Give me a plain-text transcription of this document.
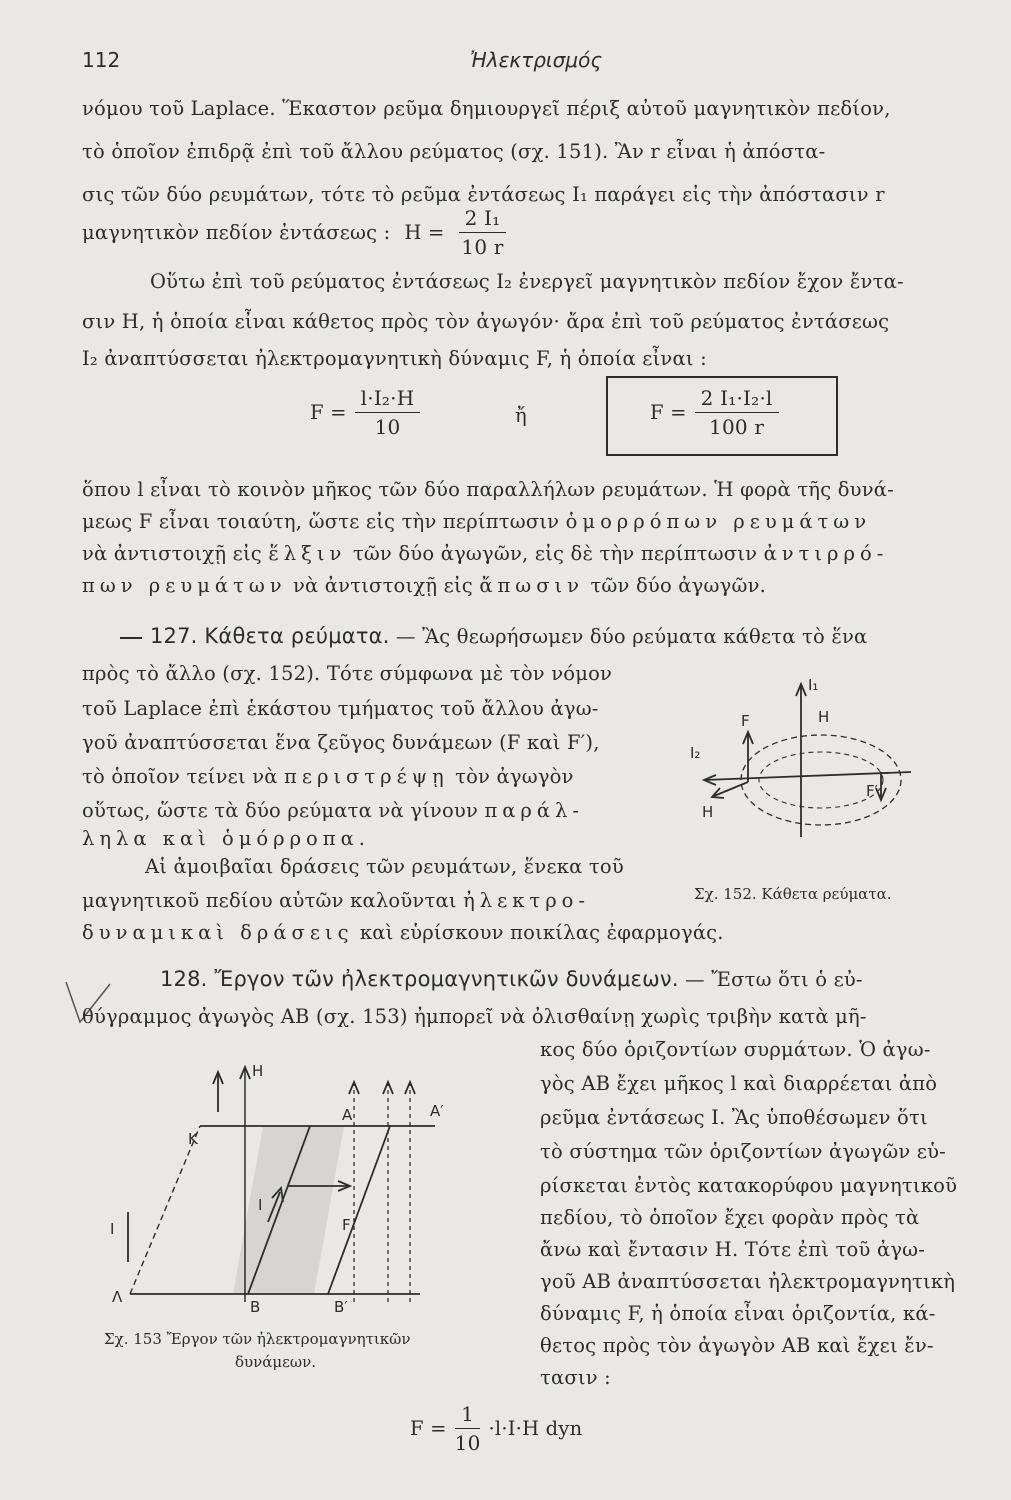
112	Ἠλεκτρισμός
νόμου τοῦ Laplace. Ἕκαστον ρεῦμα δημιουργεῖ πέριξ αὐτοῦ μαγνητικὸν πεδίον,
τὸ ὁποῖον ἐπιδρᾷ ἐπὶ τοῦ ἄλλου ρεύματος (σχ. 151). Ἂν r εἶναι ἡ ἀπόστα-
σις τῶν δύο ρευμάτων, τότε τὸ ρεῦμα ἐντάσεως I₁ παράγει εἰς τὴν ἀπόστασιν r
μαγνητικὸν πεδίον ἐντάσεως : $H = \frac{\text{2 I₁}}{10 r}$
Οὕτω ἐπὶ τοῦ ρεύματος ἐντάσεως I₂ ἐνεργεῖ μαγνητικὸν πεδίον ἔχον ἔντα-
σιν H, ἡ ὁποία εἶναι κάθετος πρὸς τὸν ἀγωγόν· ἄρα ἐπὶ τοῦ ρεύματος ἐντάσεως
I₂ ἀναπτύσσεται ἠλεκτρομαγνητικὴ δύναμις F, ἡ ὁποία εἶναι :
$F = \frac{\text{l·I₂·H}}{10}$	ἤ	$F = \frac{\text{2 I₁·I₂·l}}{100 r}$
ὅπου l εἶναι τὸ κοινὸν μῆκος τῶν δύο παραλλήλων ρευμάτων. Ἡ φορὰ τῆς δυνά-
μεως F εἶναι τοιαύτη, ὥστε εἰς τὴν περίπτωσιν ὁμορρόπων ρευμάτων
νὰ ἀντιστοιχῇ εἰς ἕλξιν τῶν δύο ἀγωγῶν, εἰς δὲ τὴν περίπτωσιν ἀντιρρό-
πων ρευμάτων νὰ ἀντιστοιχῇ εἰς ἄπωσιν τῶν δύο ἀγωγῶν.
127. Κάθετα ρεύματα. — Ἂς θεωρήσωμεν δύο ρεύματα κάθετα τὸ ἕνα
πρὸς τὸ ἄλλο (σχ. 152). Τότε σύμφωνα μὲ τὸν νόμον
τοῦ Laplace ἐπὶ ἑκάστου τμήματος τοῦ ἄλλου ἀγω-
γοῦ ἀναπτύσσεται ἕνα ζεῦγος δυνάμεων (F καὶ F′),
τὸ ὁποῖον τείνει νὰ περιστρέψῃ τὸν ἀγωγὸν
οὕτως, ὥστε τὰ δύο ρεύματα νὰ γίνουν παράλ-
ληλα καὶ ὁμόρροπα.
Αἱ ἀμοιβαῖαι δράσεις τῶν ρευμάτων, ἕνεκα τοῦ
μαγνητικοῦ πεδίου αὐτῶν καλοῦνται ἠλεκτρο-
δυναμικαὶ δράσεις καὶ εὑρίσκουν ποικίλας ἐφαρμογάς.
I₁
I₂
F	H
H
F′
Σχ. 152. Κάθετα ρεύματα.
128. Ἔργον τῶν ἠλεκτρομαγνητικῶν δυνάμεων. — Ἔστω ὅτι ὁ εὐ-
θύγραμμος ἀγωγὸς AB (σχ. 153) ἠμπορεῖ νὰ ὀλισθαίνῃ χωρὶς τριβὴν κατὰ μῆ-
κος δύο ὁριζοντίων συρμάτων. Ὁ ἀγω-
γὸς AB ἔχει μῆκος l καὶ διαρρέεται ἀπὸ
ρεῦμα ἐντάσεως I. Ἂς ὑποθέσωμεν ὅτι
τὸ σύστημα τῶν ὁριζοντίων ἀγωγῶν εὑ-
ρίσκεται ἐντὸς κατακορύφου μαγνητικοῦ
πεδίου, τὸ ὁποῖον ἔχει φορὰν πρὸς τὰ
ἄνω καὶ ἔντασιν H. Τότε ἐπὶ τοῦ ἀγω-
γοῦ AB ἀναπτύσσεται ἠλεκτρομαγνητικὴ
δύναμις F, ἡ ὁποία εἶναι ὁριζοντία, κά-
θετος πρὸς τὸν ἀγωγὸν AB καὶ ἔχει ἔν-
τασιν :
H
A	A′
K
I
I
F
Λ
B	B′
Σχ. 153 Ἔργον τῶν ἠλεκτρομαγνητικῶν
δυνάμεων.
$F = \frac{1}{10} \cdot l\cdot I\cdot H$ dyn
